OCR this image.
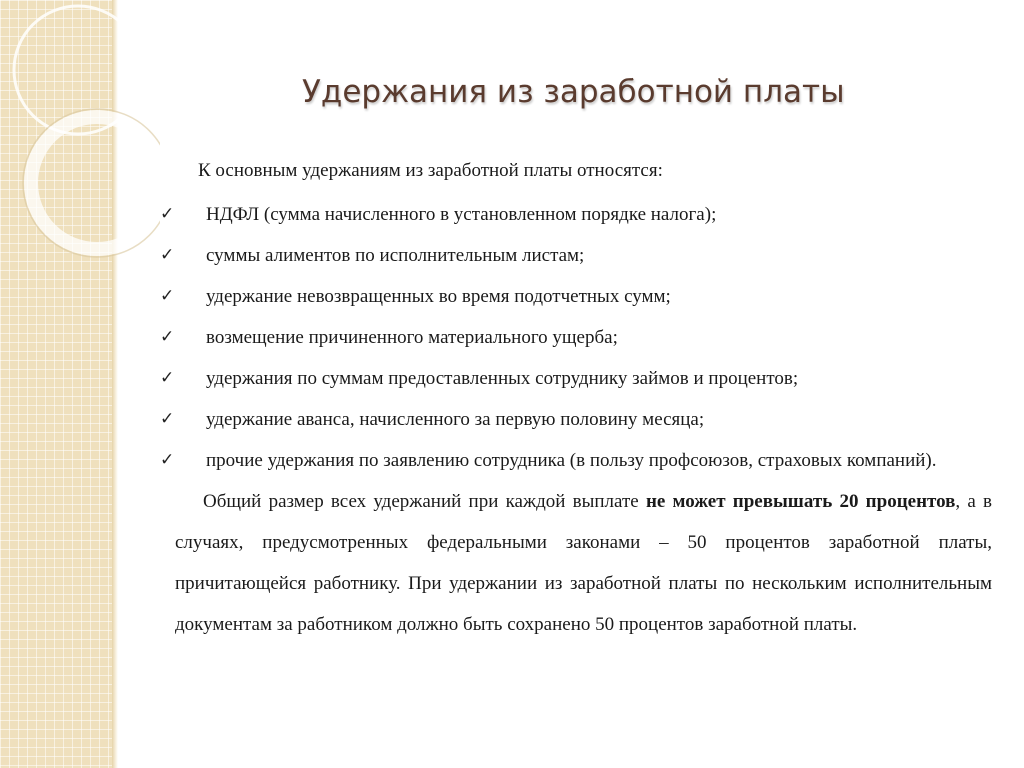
Удержания из заработной платы

К основным удержаниям из заработной платы относятся:

✓ НДФЛ (сумма начисленного в установленном порядке налога);
✓ суммы алиментов по исполнительным листам;
✓ удержание невозвращенных во время подотчетных сумм;
✓ возмещение причиненного материального ущерба;
✓ удержания по суммам предоставленных сотруднику займов и процентов;
✓ удержание аванса, начисленного за первую половину месяца;
✓ прочие удержания по заявлению сотрудника (в пользу профсоюзов, страховых компаний).

Общий размер всех удержаний при каждой выплате не может превышать 20 процентов, а в случаях, предусмотренных федеральными законами – 50 процентов заработной платы, причитающейся работнику. При удержании из заработной платы по нескольким исполнительным документам за работником должно быть сохранено 50 процентов заработной платы.
